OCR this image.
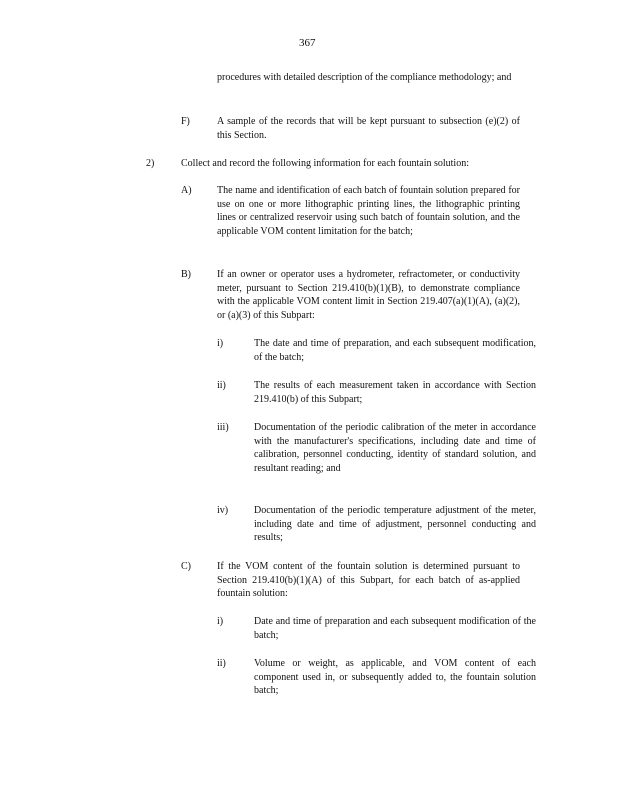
367
procedures with detailed description of the compliance methodology; and
F)	A sample of the records that will be kept pursuant to subsection (e)(2) of this Section.
2)	Collect and record the following information for each fountain solution:
A)	The name and identification of each batch of fountain solution prepared for use on one or more lithographic printing lines, the lithographic printing lines or centralized reservoir using such batch of fountain solution, and the applicable VOM content limitation for the batch;
B)	If an owner or operator uses a hydrometer, refractometer, or conductivity meter, pursuant to Section 219.410(b)(1)(B), to demonstrate compliance with the applicable VOM content limit in Section 219.407(a)(1)(A), (a)(2), or (a)(3) of this Subpart:
i)	The date and time of preparation, and each subsequent modification, of the batch;
ii)	The results of each measurement taken in accordance with Section 219.410(b) of this Subpart;
iii)	Documentation of the periodic calibration of the meter in accordance with the manufacturer's specifications, including date and time of calibration, personnel conducting, identity of standard solution, and resultant reading; and
iv)	Documentation of the periodic temperature adjustment of the meter, including date and time of adjustment, personnel conducting and results;
C)	If the VOM content of the fountain solution is determined pursuant to Section 219.410(b)(1)(A) of this Subpart, for each batch of as-applied fountain solution:
i)	Date and time of preparation and each subsequent modification of the batch;
ii)	Volume or weight, as applicable, and VOM content of each component used in, or subsequently added to, the fountain solution batch;
